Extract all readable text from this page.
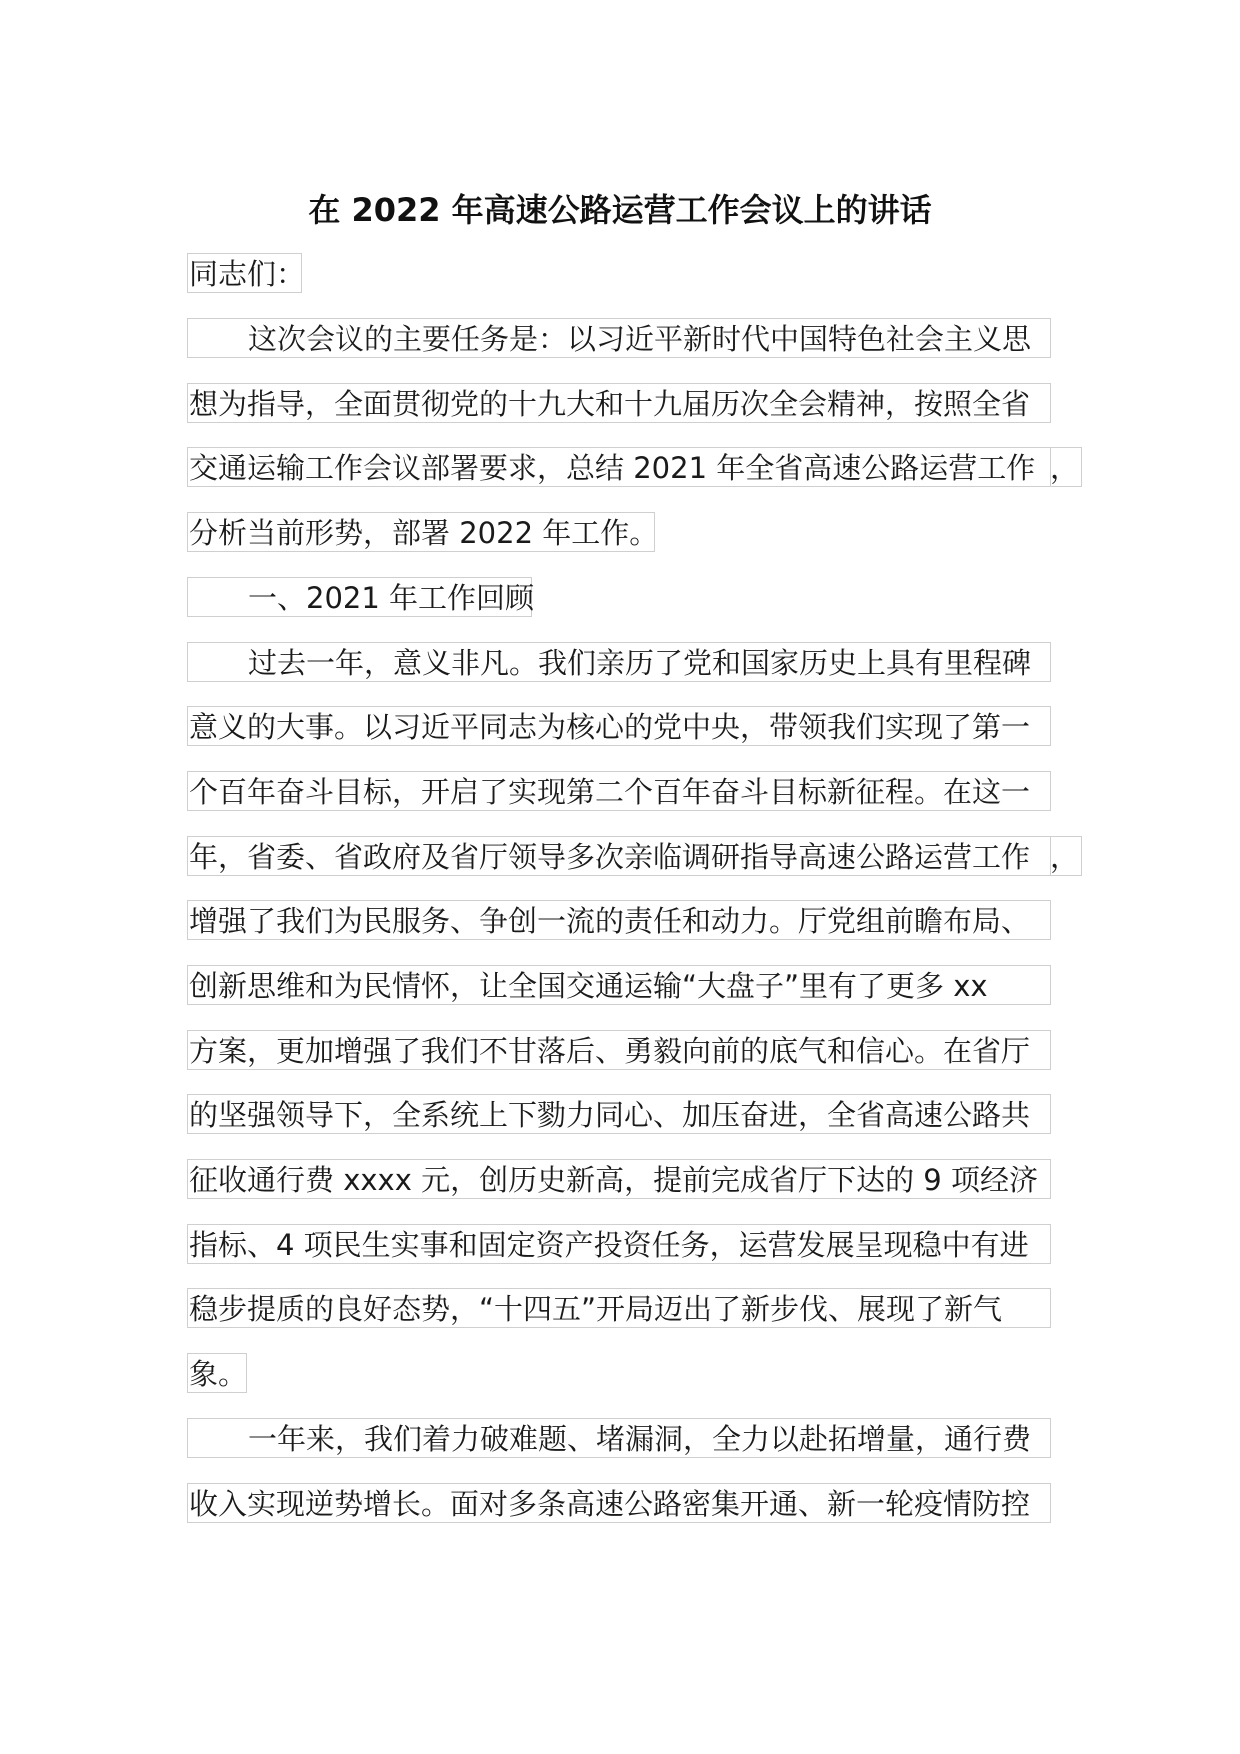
在 2022 年高速公路运营工作会议上的讲话
同志们：
这次会议的主要任务是：以习近平新时代中国特色社会主义思
想为指导，全面贯彻党的十九大和十九届历次全会精神，按照全省
交通运输工作会议部署要求，总结 2021 年全省高速公路运营工作 ，
分析当前形势，部署 2022 年工作。
一、2021 年工作回顾
过去一年，意义非凡。我们亲历了党和国家历史上具有里程碑
意义的大事。以习近平同志为核心的党中央，带领我们实现了第一
个百年奋斗目标，开启了实现第二个百年奋斗目标新征程。在这一
年，省委、省政府及省厅领导多次亲临调研指导高速公路运营工作 ，
增强了我们为民服务、争创一流的责任和动力。厅党组前瞻布局、
创新思维和为民情怀，让全国交通运输“大盘子”里有了更多 xx
方案，更加增强了我们不甘落后、勇毅向前的底气和信心。在省厅
的坚强领导下，全系统上下勠力同心、加压奋进，全省高速公路共
征收通行费 xxxx 元，创历史新高，提前完成省厅下达的 9 项经济
指标、4 项民生实事和固定资产投资任务，运营发展呈现稳中有进
稳步提质的良好态势，“十四五”开局迈出了新步伐、展现了新气
象。
一年来，我们着力破难题、堵漏洞，全力以赴拓增量，通行费
收入实现逆势增长。面对多条高速公路密集开通、新一轮疫情防控
